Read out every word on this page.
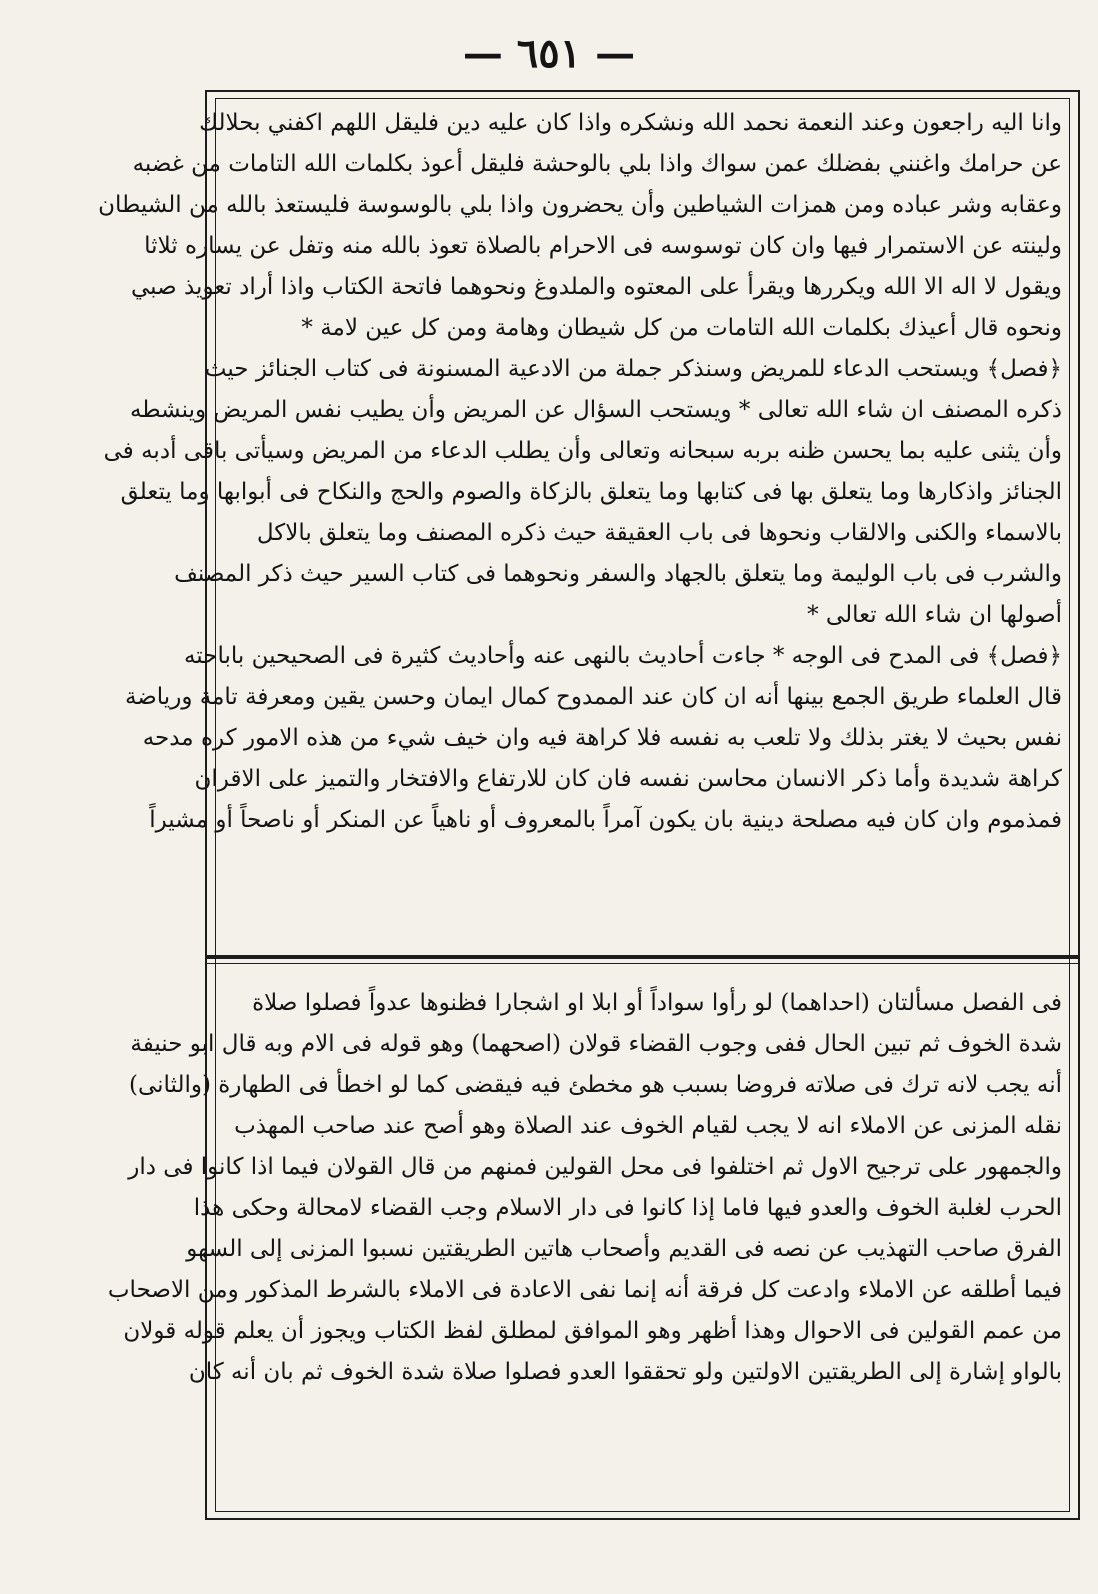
— ٦٥١ —
وانا اليه راجعون وعند النعمة نحمد الله ونشكره واذا كان عليه دين فليقل اللهم اكفني بحلالك
عن حرامك واغنني بفضلك عمن سواك واذا بلي بالوحشة فليقل أعوذ بكلمات الله التامات من غضبه
وعقابه وشر عباده ومن همزات الشياطين وأن يحضرون واذا بلي بالوسوسة فليستعذ بالله من الشيطان
ولينته عن الاستمرار فيها وان كان توسوسه فى الاحرام بالصلاة تعوذ بالله منه وتفل عن يساره ثلاثا
ويقول لا اله الا الله ويكررها ويقرأ على المعتوه والملدوغ ونحوهما فاتحة الكتاب واذا أراد تعويذ صبي
ونحوه قال أعيذك بكلمات الله التامات من كل شيطان وهامة ومن كل عين لامة *
﴿فصل﴾ ويستحب الدعاء للمريض وسنذكر جملة من الادعية المسنونة فى كتاب الجنائز حيث
ذكره المصنف ان شاء الله تعالى * ويستحب السؤال عن المريض وأن يطيب نفس المريض وينشطه
وأن يثنى عليه بما يحسن ظنه بربه سبحانه وتعالى وأن يطلب الدعاء من المريض وسيأتى باقى أدبه فى
الجنائز واذكارها وما يتعلق بها فى كتابها وما يتعلق بالزكاة والصوم والحج والنكاح فى أبوابها وما يتعلق
بالاسماء والكنى والالقاب ونحوها فى باب العقيقة حيث ذكره المصنف وما يتعلق بالاكل
والشرب فى باب الوليمة وما يتعلق بالجهاد والسفر ونحوهما فى كتاب السير حيث ذكر المصنف
أصولها ان شاء الله تعالى *
﴿فصل﴾ فى المدح فى الوجه * جاءت أحاديث بالنهى عنه وأحاديث كثيرة فى الصحيحين باباحته
قال العلماء طريق الجمع بينها أنه ان كان عند الممدوح كمال ايمان وحسن يقين ومعرفة تامة ورياضة
نفس بحيث لا يغتر بذلك ولا تلعب به نفسه فلا كراهة فيه وان خيف شيء من هذه الامور كره مدحه
كراهة شديدة وأما ذكر الانسان محاسن نفسه فان كان للارتفاع والافتخار والتميز على الاقران
فمذموم وان كان فيه مصلحة دينية بان يكون آمراً بالمعروف أو ناهياً عن المنكر أو ناصحاً أو مشيراً
فى الفصل مسألتان (احداهما) لو رأوا سواداً أو ابلا او اشجارا فظنوها عدواً فصلوا صلاة
شدة الخوف ثم تبين الحال ففى وجوب القضاء قولان (اصحهما) وهو قوله فى الام وبه قال ابو حنيفة
أنه يجب لانه ترك فى صلاته فروضا بسبب هو مخطئ فيه فيقضى كما لو اخطأ فى الطهارة (والثانى)
نقله المزنى عن الاملاء انه لا يجب لقيام الخوف عند الصلاة وهو أصح عند صاحب المهذب
والجمهور على ترجيح الاول ثم اختلفوا فى محل القولين فمنهم من قال القولان فيما اذا كانوا فى دار
الحرب لغلبة الخوف والعدو فيها فاما إذا كانوا فى دار الاسلام وجب القضاء لامحالة وحكى هذا
الفرق صاحب التهذيب عن نصه فى القديم وأصحاب هاتين الطريقتين نسبوا المزنى إلى السهو
فيما أطلقه عن الاملاء وادعت كل فرقة أنه إنما نفى الاعادة فى الاملاء بالشرط المذكور ومن الاصحاب
من عمم القولين فى الاحوال وهذا أظهر وهو الموافق لمطلق لفظ الكتاب ويجوز أن يعلم قوله قولان
بالواو إشارة إلى الطريقتين الاولتين ولو تحققوا العدو فصلوا صلاة شدة الخوف ثم بان أنه كان
